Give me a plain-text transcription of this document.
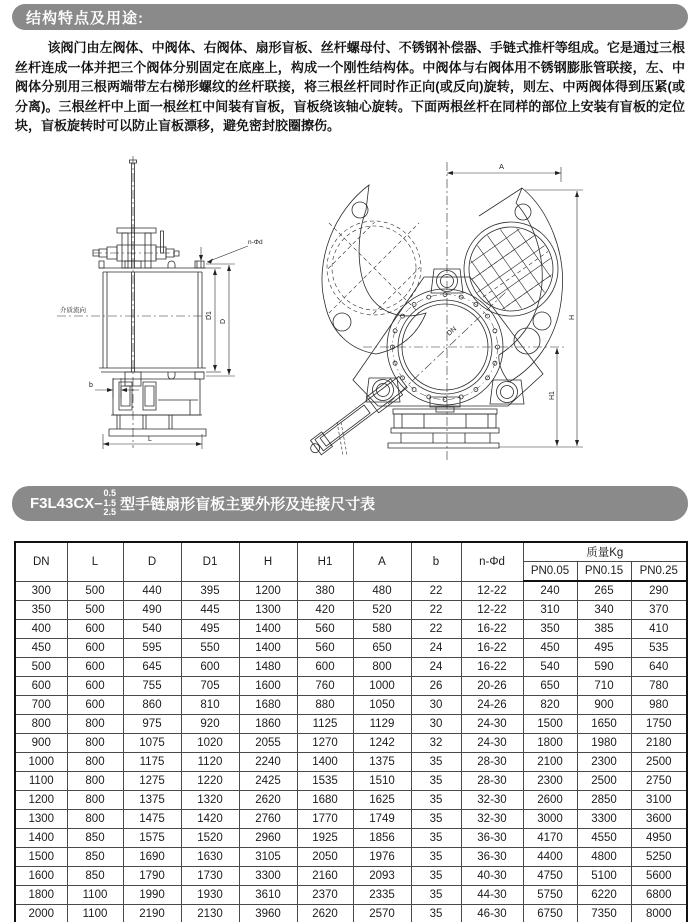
结构特点及用途:
该阀门由左阀体、中阀体、右阀体、扇形盲板、丝杆螺母付、不锈钢补偿器、手链式推杆等组成。它是通过三根丝杆连成一体并把三个阀体分别固定在底座上，构成一个刚性结构体。中阀体与右阀体用不锈钢膨胀管联接，左、中阀体分别用三根两端带左右梯形螺纹的丝杆联接，将三根丝杆同时作正向(或反向)旋转，则左、中两阀体得到压紧(或分离)。三根丝杆中上面一根丝杠中间装有盲板，盲板绕该轴心旋转。下面两根丝杆在同样的部位上安装有盲板的定位块，盲板旋转时可以防止盲板漂移，避免密封胶圈擦伤。
介质流向
n-Φd
D1
D
b
L
DN
A
H
H1
F3L43CX–
0.5
1.5
2.5 型手链扇形盲板主要外形及连接尺寸表
DN	L	D	D1	H	H1	A	b	n-Φd	质量Kg		
									PN0.05	PN0.15	PN0.25
300	500	440	395	1200	380	480	22	12-22	240	265	290
350	500	490	445	1300	420	520	22	12-22	310	340	370
400	600	540	495	1400	560	580	22	16-22	350	385	410
450	600	595	550	1400	560	650	24	16-22	450	495	535
500	600	645	600	1480	600	800	24	16-22	540	590	640
600	600	755	705	1600	760	1000	26	20-26	650	710	780
700	600	860	810	1680	880	1050	30	24-26	820	900	980
800	800	975	920	1860	1125	1129	30	24-30	1500	1650	1750
900	800	1075	1020	2055	1270	1242	32	24-30	1800	1980	2180
1000	800	1175	1120	2240	1400	1375	35	28-30	2100	2300	2500
1100	800	1275	1220	2425	1535	1510	35	28-30	2300	2500	2750
1200	800	1375	1320	2620	1680	1625	35	32-30	2600	2850	3100
1300	800	1475	1420	2760	1770	1749	35	32-30	3000	3300	3600
1400	850	1575	1520	2960	1925	1856	35	36-30	4170	4550	4950
1500	850	1690	1630	3105	2050	1976	35	36-30	4400	4800	5250
1600	850	1790	1730	3300	2160	2093	35	40-30	4750	5100	5600
1800	1100	1990	1930	3610	2370	2335	35	44-30	5750	6220	6800
2000	1100	2190	2130	3960	2620	2570	35	46-30	6750	7350	8000
